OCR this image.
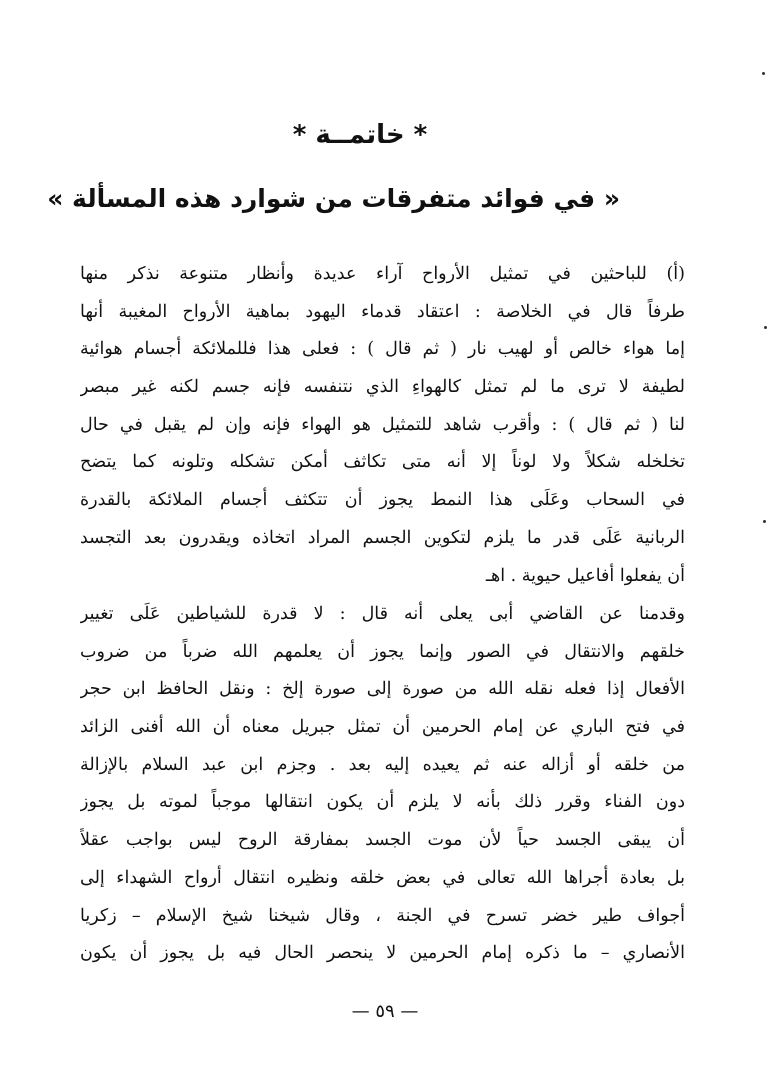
* خاتمــة *
« في فوائد متفرقات من شوارد هذه المسألة »
(أ) للباحثين في تمثيل الأرواح آراء عديدة وأنظار متنوعة نذكر منها
طرفاً قال في الخلاصة : اعتقاد قدماء اليهود بماهية الأرواح المغيبة أنها
إما هواء خالص أو لهيب نار ( ثم قال ) : فعلى هذا فللملائكة أجسام هوائية
لطيفة لا ترى ما لم تمثل كالهواءِ الذي نتنفسه فإنه جسم لكنه غير مبصر
لنا ( ثم قال ) : وأقرب شاهد للتمثيل هو الهواء فإنه وإن لم يقبل في حال
تخلخله شكلاً ولا لوناً إلا أنه متى تكاثف أمكن تشكله وتلونه كما يتضح
في السحاب وعَلَى هذا النمط يجوز أن تتكثف أجسام الملائكة بالقدرة
الربانية عَلَى قدر ما يلزم لتكوين الجسم المراد اتخاذه ويقدرون بعد التجسد
أن يفعلوا أفاعيل حيوية . اهـ
وقدمنا عن القاضي أبى يعلى أنه قال : لا قدرة للشياطين عَلَى تغيير
خلقهم والانتقال في الصور وإنما يجوز أن يعلمهم الله ضرباً من ضروب
الأفعال إذا فعله نقله الله من صورة إلى صورة إلخ : ونقل الحافظ ابن حجر
في فتح الباري عن إمام الحرمين أن تمثل جبريل معناه أن الله أفنى الزائد
من خلقه أو أزاله عنه ثم يعيده إليه بعد . وجزم ابن عبد السلام بالإزالة
دون الفناء وقرر ذلك بأنه لا يلزم أن يكون انتقالها موجباً لموته بل يجوز
أن يبقى الجسد حياً لأن موت الجسد بمفارقة الروح ليس بواجب عقلاً
بل بعادة أجراها الله تعالى في بعض خلقه ونظيره انتقال أرواح الشهداء إلى
أجواف طير خضر تسرح في الجنة ، وقال شيخنا شيخ الإسلام – زكريا
الأنصاري – ما ذكره إمام الحرمين لا ينحصر الحال فيه بل يجوز أن يكون
— ٥٩ —
